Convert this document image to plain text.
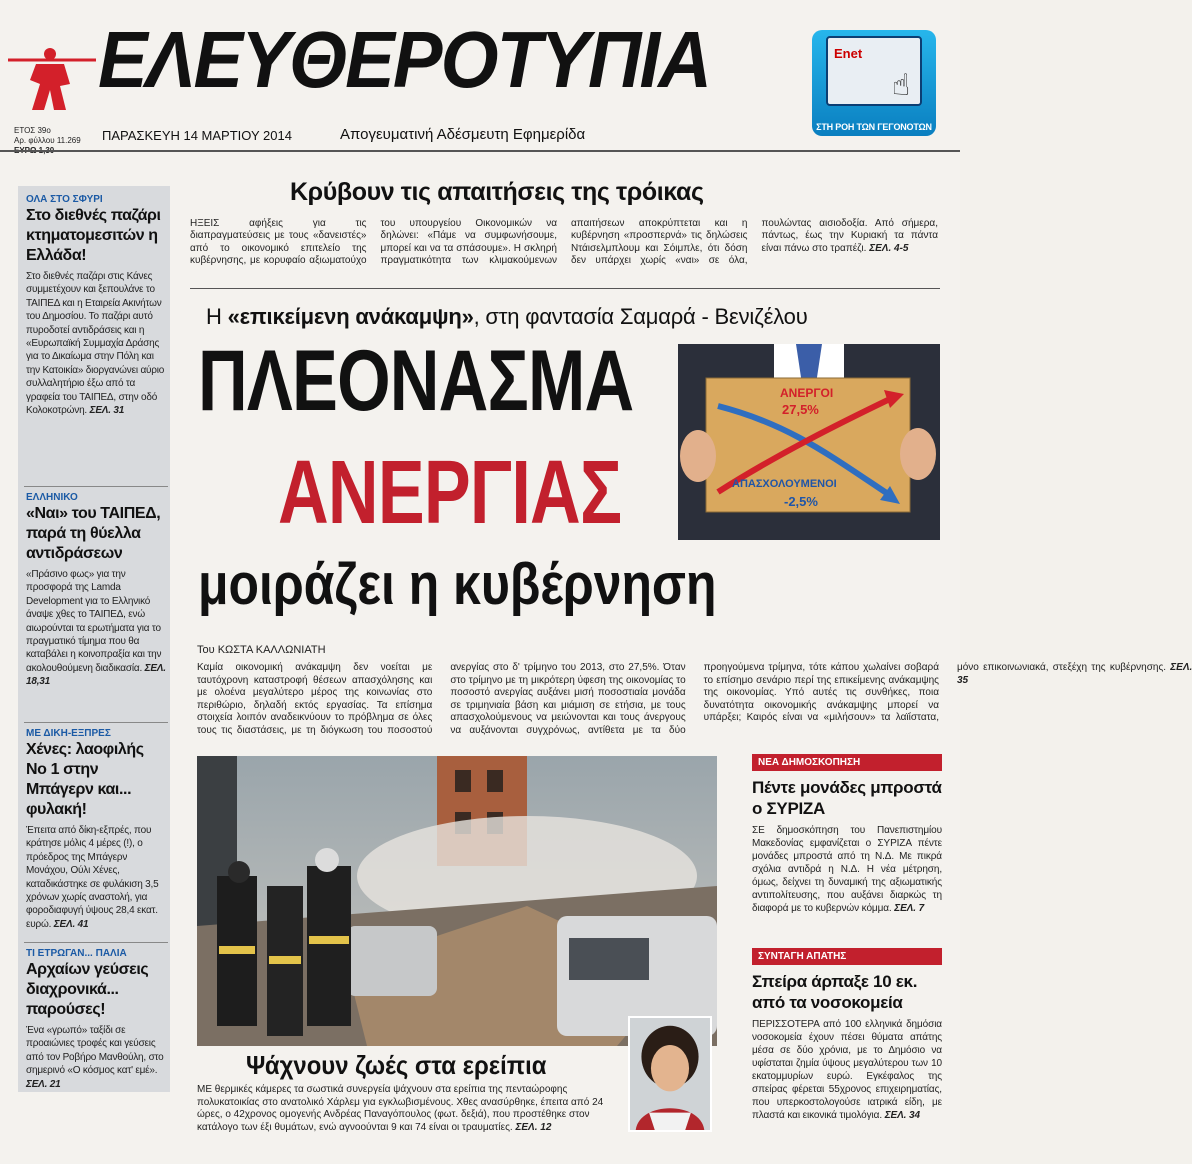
ΕΛΕΥΘΕΡΟΤΥΠΙΑ
ΕΤΟΣ 39ο
Αρ. φύλλου 11.269 ΠΑΡΑΣΚΕΥΗ 14 ΜΑΡΤΙΟΥ 2014	Απογευματινή Αδέσμευτη Εφημερίδα
Enet
☝
ΣΤΗ ΡΟΗ ΤΩΝ ΓΕΓΟΝΟΤΩΝ
ΟΛΑ ΣΤΟ ΣΦΥΡΙ
Στο διεθνές παζάρι κτηματομεσιτών η Ελλάδα!
Στο διεθνές παζάρι στις Κάνες συμμετέχουν και ξεπουλάνε το ΤΑΙΠΕΔ και η Εταιρεία Ακινήτων του Δημοσίου. Το παζάρι αυτό πυροδοτεί αντιδράσεις και η «Ευρωπαϊκή Συμμαχία Δράσης για το Δικαίωμα στην Πόλη και την Κατοικία» διοργανώνει αύριο συλλαλητήριο έξω από τα γραφεία του ΤΑΙΠΕΔ, στην οδό Κολοκοτρώνη. ΣΕΛ. 31
ΕΛΛΗΝΙΚΟ
«Ναι» του ΤΑΙΠΕΔ, παρά τη θύελλα αντιδράσεων
«Πράσινο φως» για την προσφορά της Lamda Development για το Ελληνικό άναψε χθες το ΤΑΙΠΕΔ, ενώ αιωρούνται τα ερωτήματα για το πραγματικό τίμημα που θα καταβάλει η κοινοπραξία και την ακολουθούμενη διαδικασία. ΣΕΛ. 18,31
ΜΕ ΔΙΚΗ-ΕΞΠΡΕΣ
Χένες: λαοφιλής Νο 1 στην Μπάγερν και... φυλακή!
Έπειτα από δίκη-εξπρές, που κράτησε μόλις 4 μέρες (!), ο πρόεδρος της Μπάγερν Μονάχου, Ούλι Χένες, καταδικάστηκε σε φυλάκιση 3,5 χρόνων χωρίς αναστολή, για φοροδιαφυγή ύψους 28,4 εκατ. ευρώ. ΣΕΛ. 41
ΤΙ ΕΤΡΩΓΑΝ... ΠΑΛΙΑ
Αρχαίων γεύσεις διαχρονικά... παρούσες!
Ένα «γρωπό» ταξίδι σε προαιώνιες τροφές και γεύσεις από τον Ροβήρο Μανθούλη, στο σημερινό «Ο κόσμος κατ' εμέ». ΣΕΛ. 21
Κρύβουν τις απαιτήσεις της τρόικας
ΗΞΕΙΣ αφήξεις για τις διαπραγματεύσεις με τους «δανειστές» από το οικονομικό επιτελείο της κυβέρνησης, με κορυφαίο αξιωματούχο του υπουργείου Οικονομικών να δηλώνει: «Πάμε να συμφωνήσουμε, μπορεί και να τα σπάσουμε». Η σκληρή πραγματικότητα των κλιμακούμενων απαιτήσεων αποκρύπτεται και η κυβέρνηση «προσπερνά» τις δηλώσεις Ντάισελμπλουμ και Σόιμπλε, ότι δόση δεν υπάρχει χωρίς «ναι» σε όλα, πουλώντας αισιοδοξία. Από σήμερα, πάντως, έως την Κυριακή τα πάντα είναι πάνω στο τραπέζι. ΣΕΛ. 4-5
Η «επικείμενη ανάκαμψη», στη φαντασία Σαμαρά - Βενιζέλου
ΠΛΕΟΝΑΣΜΑ
ΑΝΕΡΓΙΑΣ
μοιράζει η κυβέρνηση
ΑΝΕΡΓΟΙ
27,5%
ΑΠΑΣΧΟΛΟΥΜΕΝΟΙ
-2,5%
Του ΚΩΣΤΑ ΚΑΛΛΩΝΙΑΤΗ
Καμία οικονομική ανάκαμψη δεν νοείται με ταυτόχρονη καταστροφή θέσεων απασχόλησης και με ολοένα μεγαλύτερο μέρος της κοινωνίας στο περιθώριο, δηλαδή εκτός εργασίας. Τα επίσημα στοιχεία λοιπόν αναδεικνύουν το πρόβλημα σε όλες τους τις διαστάσεις, με τη διόγκωση του ποσοστού ανεργίας στο δ' τρίμηνο του 2013, στο 27,5%. Όταν στο τρίμηνο με τη μικρότερη ύφεση της οικονομίας το ποσοστό ανεργίας αυξάνει μισή ποσοστιαία μονάδα σε τριμηνιαία βάση και μιάμιση σε ετήσια, με τους απασχολούμενους να μειώνονται και τους άνεργους να αυξάνονται συγχρόνως, αντίθετα με τα δύο προηγούμενα τρίμηνα, τότε κάπου χωλαίνει σοβαρά το επίσημο σενάριο περί της επικείμενης ανάκαμψης της οικονομίας. Υπό αυτές τις συνθήκες, ποια δυνατότητα οικονομικής ανάκαμψης μπορεί να υπάρξει; Καιρός είναι να «μιλήσουν» τα λαϊίστατα, μόνο επικοινωνιακά, στεξέχη της κυβέρνησης. ΣΕΛ. 35
Ψάχνουν ζωές στα ερείπια
ΜΕ θερμικές κάμερες τα σωστικά συνεργεία ψάχνουν στα ερείπια της πενταώροφης πολυκατοικίας στο ανατολικό Χάρλεμ για εγκλωβισμένους. Χθες ανασύρθηκε, έπειτα από 24 ώρες, ο 42χρονος ομογενής Ανδρέας Παναγόπουλος (φωτ. δεξιά), που προστέθηκε στον κατάλογο των έξι θυμάτων, ενώ αγνοούνται 9 και 74 είναι οι τραυματίες. ΣΕΛ. 12
ΝΕΑ ΔΗΜΟΣΚΟΠΗΣΗ
Πέντε μονάδες μπροστά ο ΣΥΡΙΖΑ
ΣΕ δημοσκόπηση του Πανεπιστημίου Μακεδονίας εμφανίζεται ο ΣΥΡΙΖΑ πέντε μονάδες μπροστά από τη Ν.Δ. Με πικρά σχόλια αντιδρά η Ν.Δ. Η νέα μέτρηση, όμως, δείχνει τη δυναμική της αξιωματικής αντιπολίτευσης, που αυξάνει διαρκώς τη διαφορά με το κυβερνών κόμμα. ΣΕΛ. 7
ΣΥΝΤΑΓΗ ΑΠΑΤΗΣ
Σπείρα άρπαξε 10 εκ. από τα νοσοκομεία
ΠΕΡΙΣΣΟΤΕΡΑ από 100 ελληνικά δημόσια νοσοκομεία έχουν πέσει θύματα απάτης μέσα σε δύο χρόνια, με το Δημόσιο να υφίσταται ζημία ύψους μεγαλύτερου των 10 εκατομμυρίων ευρώ. Εγκέφαλος της σπείρας φέρεται 55χρονος επιχειρηματίας, που υπερκοστολογούσε ιατρικά είδη, με πλαστά και εικονικά τιμολόγια. ΣΕΛ. 34
